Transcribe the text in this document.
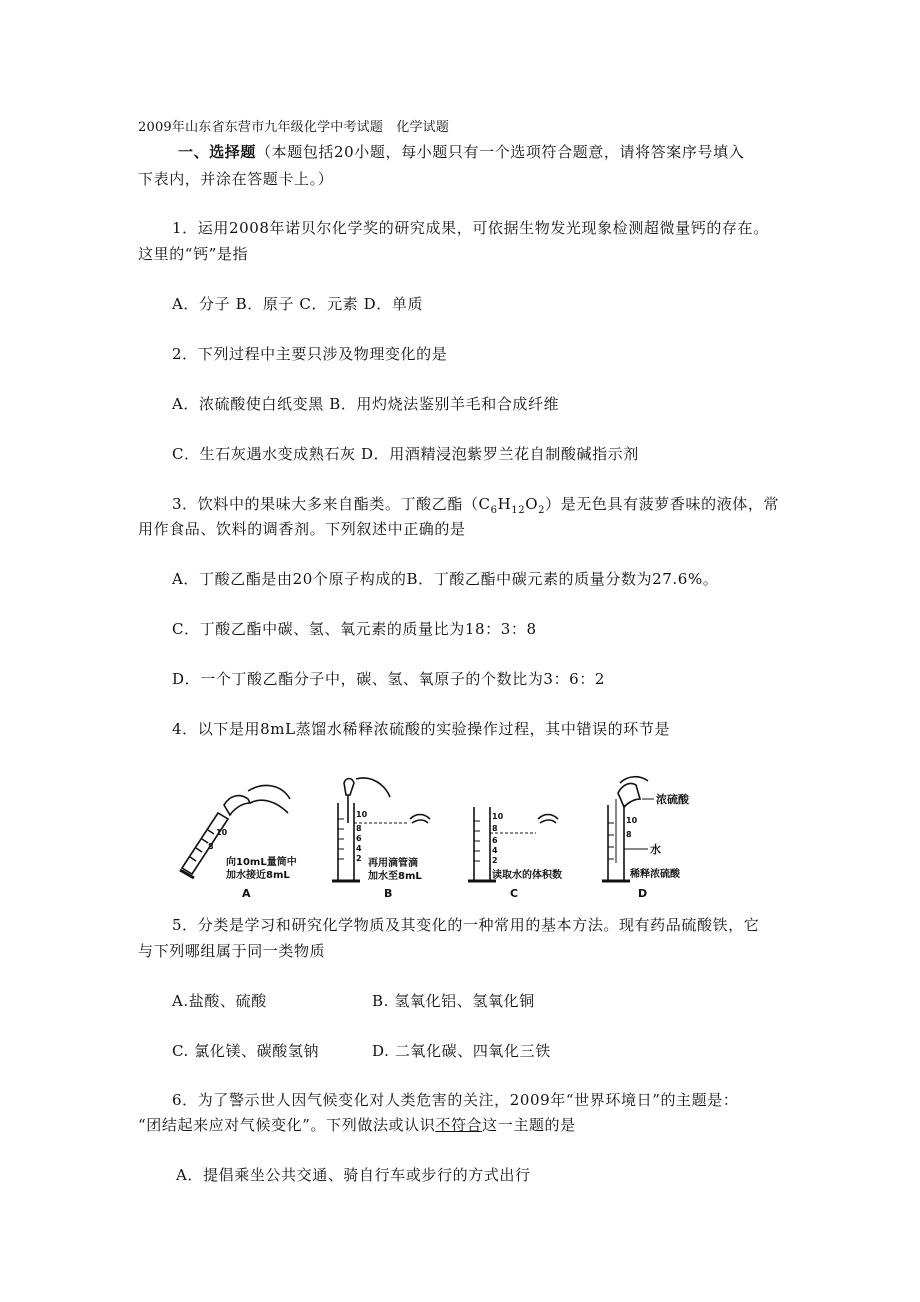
2009年山东省东营市九年级化学中考试题　化学试题
一、选择题（本题包括20小题，每小题只有一个选项符合题意，请将答案序号填入
下表内，并涂在答题卡上。）
1．运用2008年诺贝尔化学奖的研究成果，可依据生物发光现象检测超微量钙的存在。
这里的“钙”是指
A．分子 B．原子 C．元素 D．单质
2．下列过程中主要只涉及物理变化的是
A．浓硫酸使白纸变黑 B．用灼烧法鉴别羊毛和合成纤维
C．生石灰遇水变成熟石灰 D．用酒精浸泡紫罗兰花自制酸碱指示剂
3．饮料中的果味大多来自酯类。丁酸乙酯$(C_6H_{12}O_2)$是无色具有菠萝香味的液体，常
用作食品、饮料的调香剂。下列叙述中正确的是
A．丁酸乙酯是由20个原子构成的B．丁酸乙酯中碳元素的质量分数为27.6%。
C．丁酸乙酯中碳、氢、氧元素的质量比为18：3：8
D．一个丁酸乙酯分子中，碳、氢、氧原子的个数比为3：6：2
4．以下是用8mL蒸馏水稀释浓硫酸的实验操作过程，其中错误的环节是
10
8
向10mL量筒中
加水接近8mL
A
10
8
6
4
2 再用滴管滴
加水至8mL
B
10
8
6
4
2
读取水的体积数
C
10
8
浓硫酸
水
稀释浓硫酸
D
5．分类是学习和研究化学物质及其变化的一种常用的基本方法。现有药品硫酸铁，它
与下列哪组属于同一类物质
A.盐酸、硫酸	B. 氢氧化铝、氢氧化铜
C. 氯化镁、碳酸氢钠	D. 二氧化碳、四氧化三铁
6．为了警示世人因气候变化对人类危害的关注，2009年“世界环境日”的主题是：
“团结起来应对气候变化”。下列做法或认识不符合这一主题的是
A．提倡乘坐公共交通、骑自行车或步行的方式出行
